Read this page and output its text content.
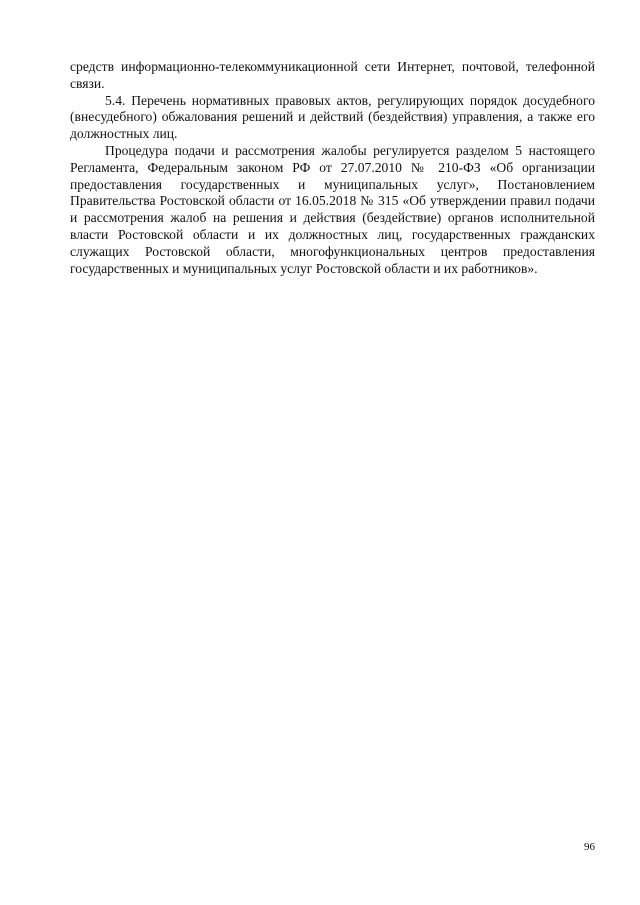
средств информационно-телекоммуникационной сети Интернет, почтовой, телефонной связи.

5.4. Перечень нормативных правовых актов, регулирующих порядок досудебного (внесудебного) обжалования решений и действий (бездействия) управления, а также его должностных лиц.

Процедура подачи и рассмотрения жалобы регулируется разделом 5 настоящего Регламента, Федеральным законом РФ от 27.07.2010 № 210-ФЗ «Об организации предоставления государственных и муниципальных услуг», Постановлением Правительства Ростовской области от 16.05.2018 № 315 «Об утверждении правил подачи и рассмотрения жалоб на решения и действия (бездействие) органов исполнительной власти Ростовской области и их должностных лиц, государственных гражданских служащих Ростовской области, многофункциональных центров предоставления государственных и муниципальных услуг Ростовской области и их работников».

96
